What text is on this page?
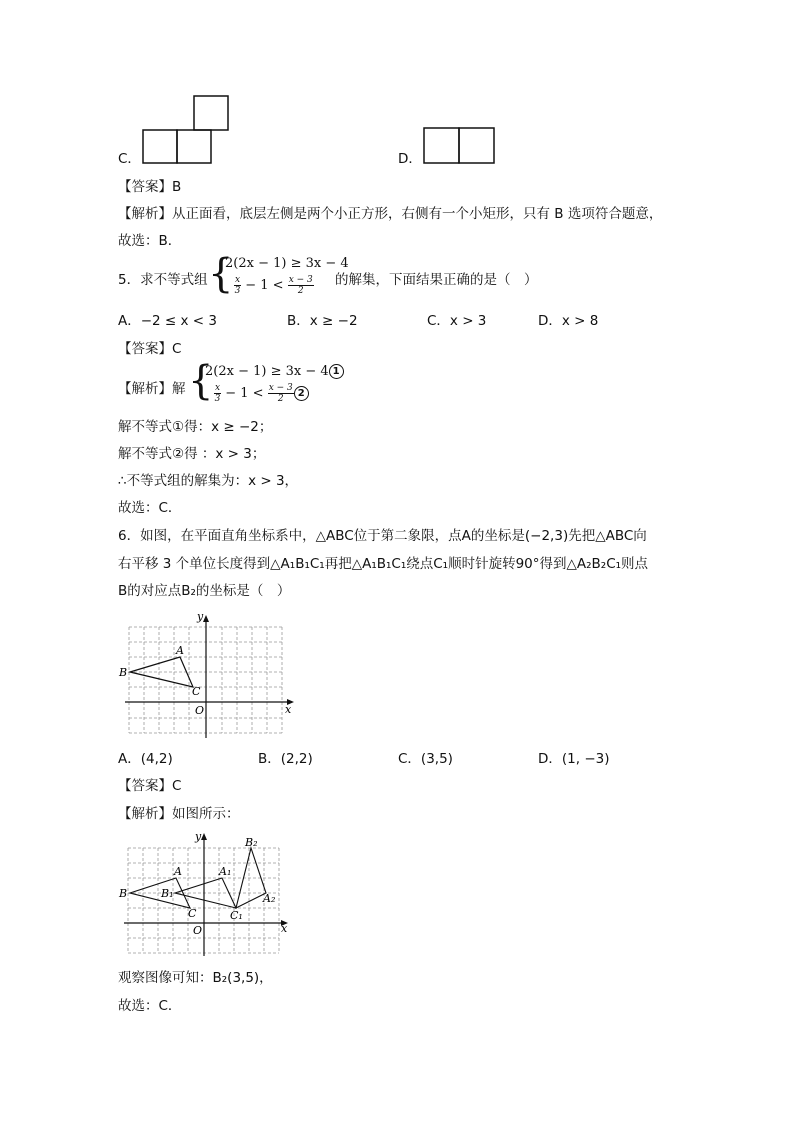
C．	D．
【答案】B
【解析】从正面看，底层左侧是两个小正方形，右侧有一个小矩形，只有 B 选项符合题意，
故选：B．
5．求不等式组 {
2(2x − 1) ≥ 3x − 4
$\frac{x}{3} - 1 < \frac{x - 3}{2}$ 的解集，下面结果正确的是（　）
A．−2 ≤ x < 3	B．x ≥ −2	C．x > 3	D．x > 8
【答案】C
【解析】解 {
2(2x − 1) ≥ 3x − 4 1
$\frac{x}{3} - 1 < \frac{x - 3}{2} 2$
解不等式①得：x ≥ −2；
解不等式②得 ：x > 3；
∴不等式组的解集为：x > 3，
故选：C．
6．如图，在平面直角坐标系中，△ABC位于第二象限，点A的坐标是(−2,3)先把△ABC向
右平移 3 个单位长度得到△A₁B₁C₁再把△A₁B₁C₁绕点C₁顺时针旋转90°得到△A₂B₂C₁则点
B的对应点B₂的坐标是（　）
B
A
C
O	x
y
A．(4,2)	B．(2,2)	C．(3,5)	D．(1, −3)
【答案】C
【解析】如图所示：
B
A
C
B₁
A₁
C₁
A₂
B₂
O	x
y
观察图像可知：B₂(3,5)，
故选：C．
